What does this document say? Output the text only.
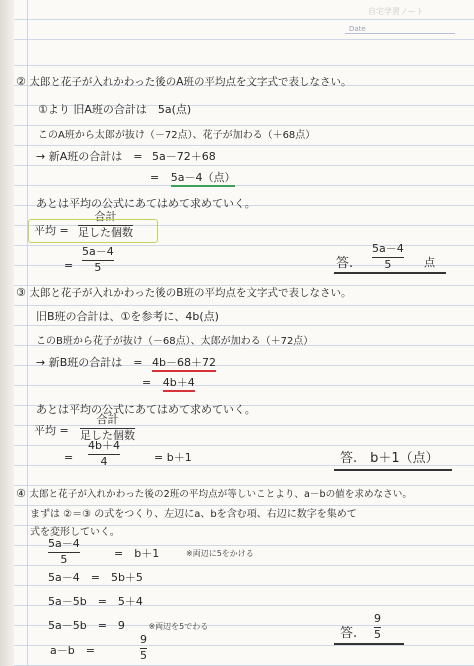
自宅学習ノート
Date
② 太郎と花子が入れかわった後のA班の平均点を文字式で表しなさい。
①より 旧A班の合計は　5a(点)
このA班から太郎が抜け（－72点）、花子が加わる（＋68点）
→ 新A班の合計は　= 5a－72＋68
= 5a－4（点）
あとは平均の公式にあてはめて求めていく。
平均 =
合計
足した個数
=
5a－4
5	答.
5a－4
5	点
③ 太郎と花子が入れかわった後のB班の平均点を文字式で表しなさい。
旧B班の合計は、①を参考に、4b(点)
このB班から花子が抜け（－68点）、太郎が加わる（＋72点）
→ 新B班の合計は　= 4b－68＋72
= 4b＋4
あとは平均の公式にあてはめて求めていく。
平均 =
合計
足した個数
=
4b＋4
4	= b＋1	答.　b＋1（点）
④ 太郎と花子が入れかわった後の2班の平均点が等しいことより、a－bの値を求めなさい。
まずは ②＝③ の式をつくり、左辺にa、bを含む項、右辺に数字を集めて
式を変形していく。
5a－4
5	=　b＋1	※両辺に5をかける
5a－4　=　5b＋5
5a－5b　=　5＋4
5a－5b　=　9	※両辺を5でわる
a－b　=
9
5
答.
9
5
